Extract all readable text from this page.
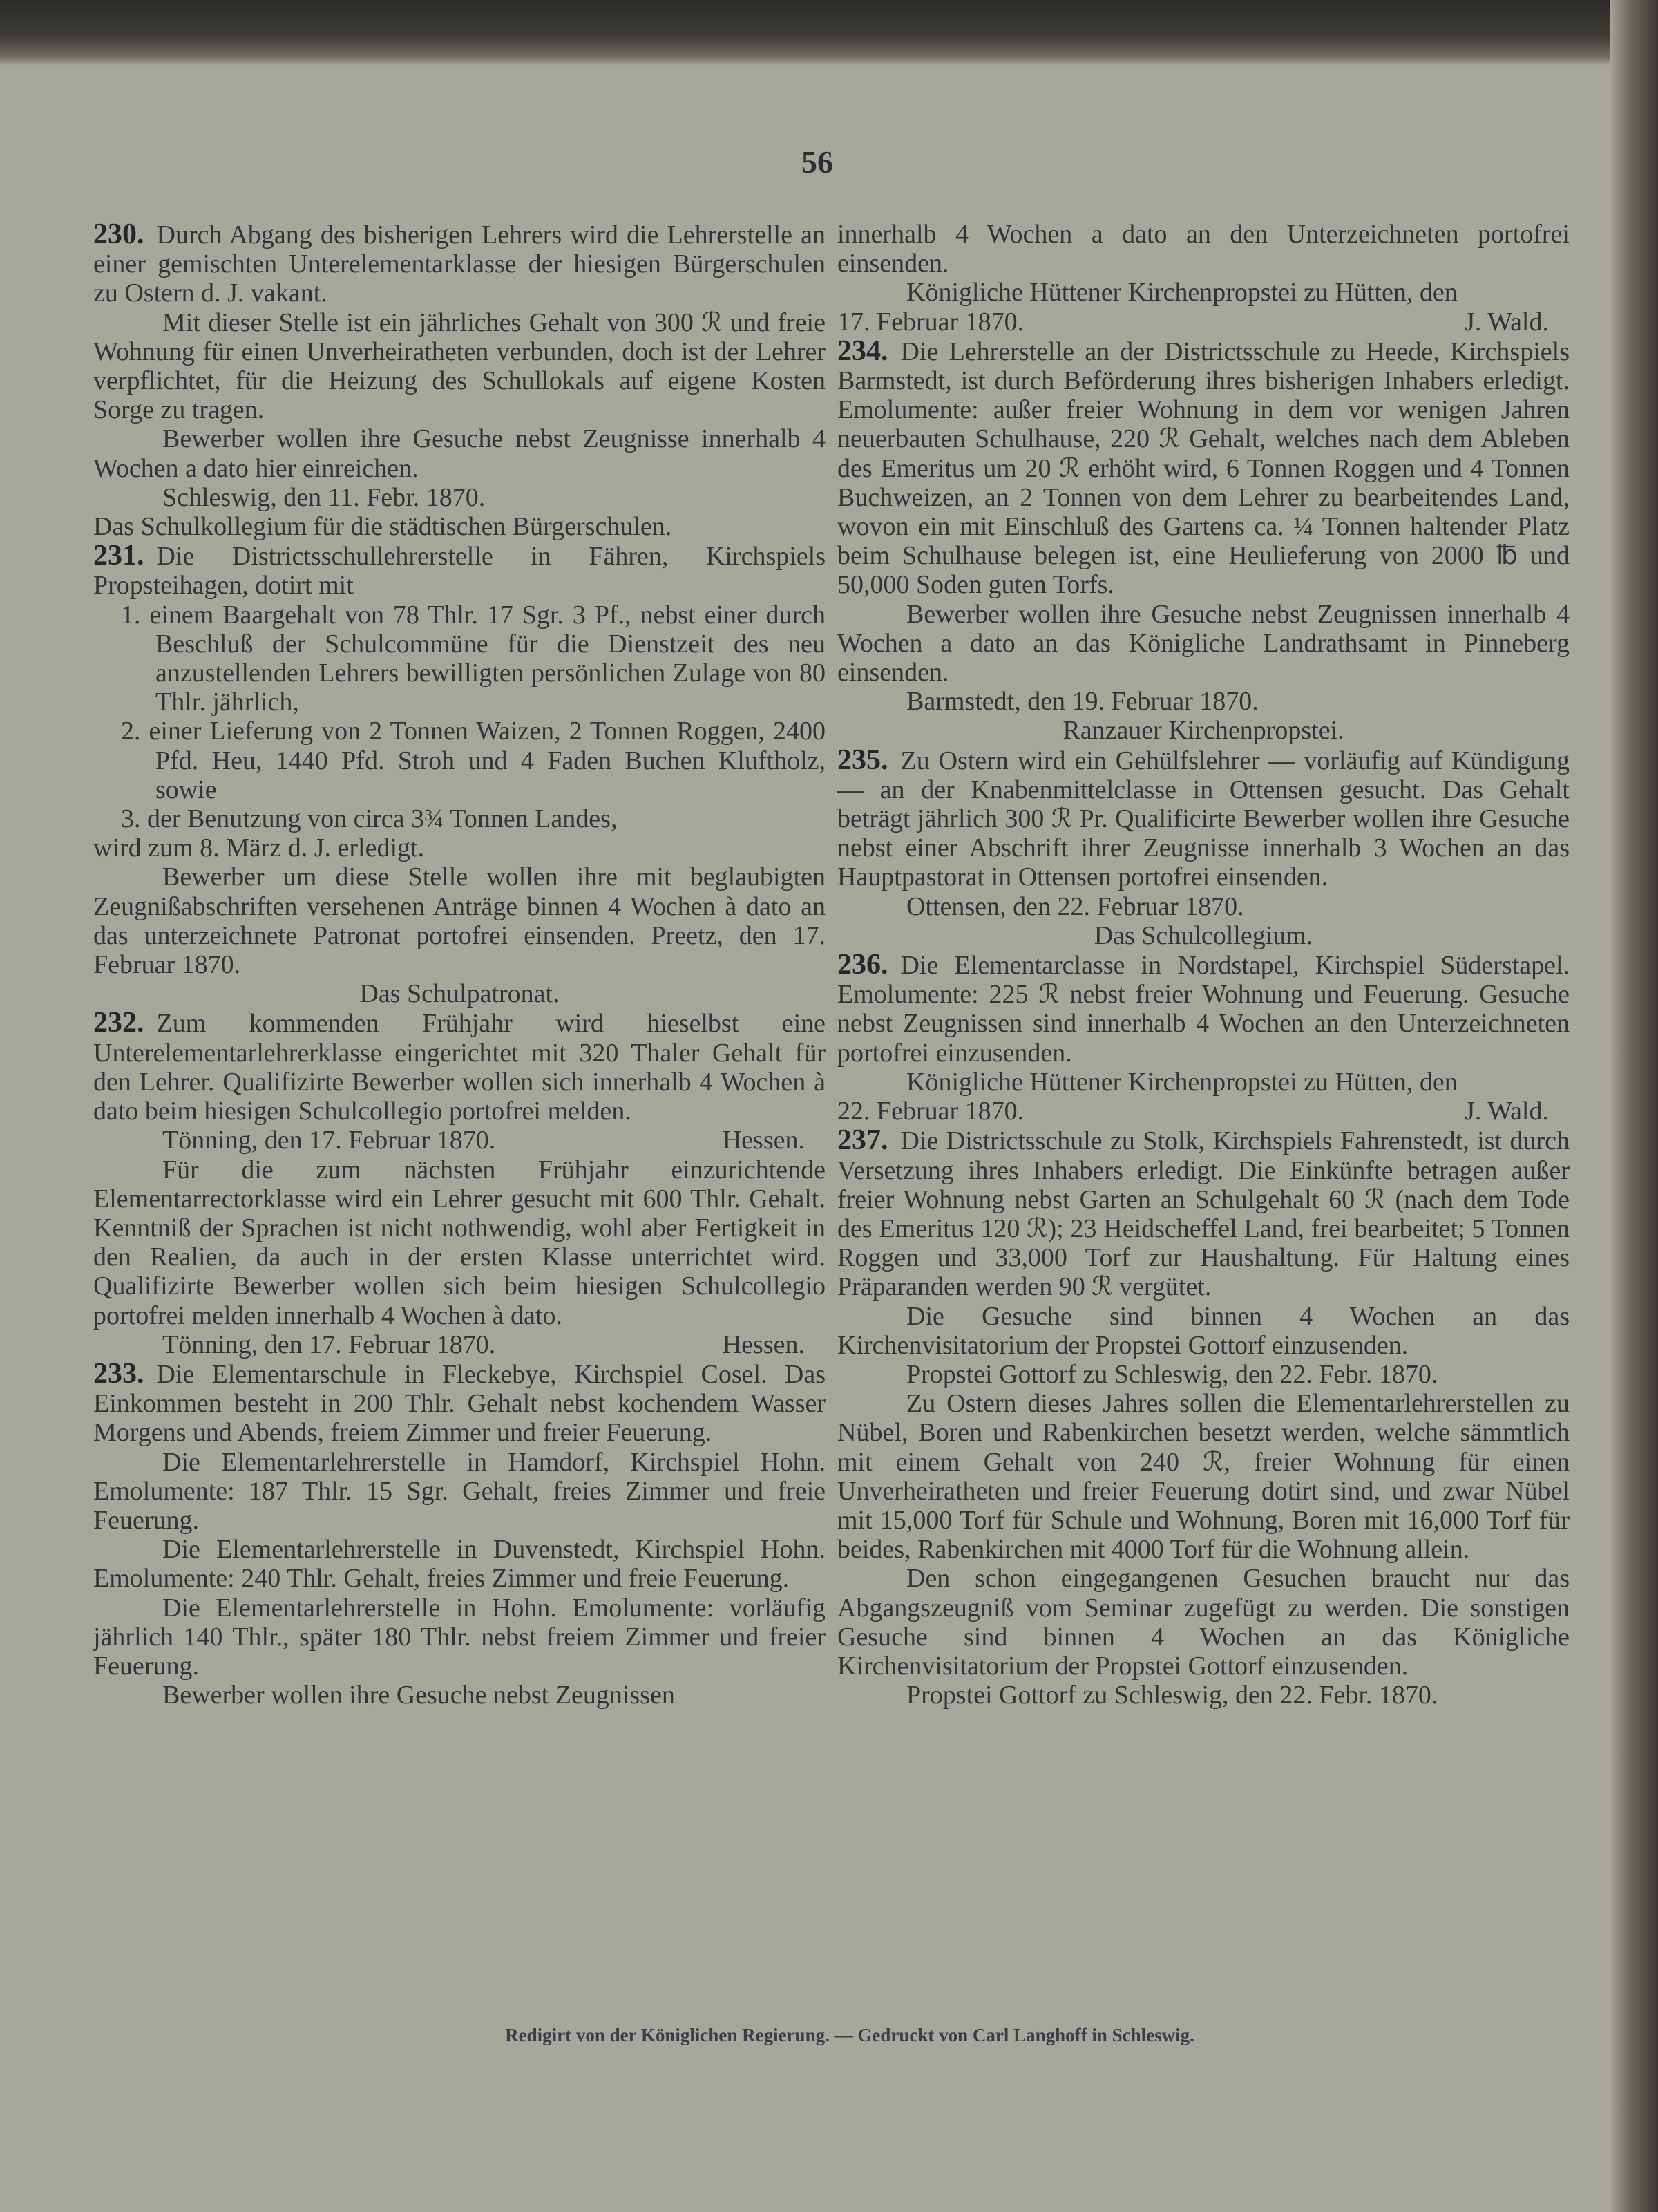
56
230. Durch Abgang des bisherigen Lehrers wird die Lehrerstelle an einer gemischten Unterelementarklasse der hiesigen Bürgerschulen zu Ostern d. J. vakant.
Mit dieser Stelle ist ein jährliches Gehalt von 300 ℛ und freie Wohnung für einen Unverheiratheten verbunden, doch ist der Lehrer verpflichtet, für die Heizung des Schullokals auf eigene Kosten Sorge zu tragen.
Bewerber wollen ihre Gesuche nebst Zeugnisse innerhalb 4 Wochen a dato hier einreichen.
Schleswig, den 11. Febr. 1870.
Das Schulkollegium für die städtischen Bürgerschulen.
231. Die Districtsschullehrerstelle in Fähren, Kirchspiels Propsteihagen, dotirt mit
1. einem Baargehalt von 78 Thlr. 17 Sgr. 3 Pf., nebst einer durch Beschluß der Schulcommüne für die Dienstzeit des neu anzustellenden Lehrers bewilligten persönlichen Zulage von 80 Thlr. jährlich,
2. einer Lieferung von 2 Tonnen Waizen, 2 Tonnen Roggen, 2400 Pfd. Heu, 1440 Pfd. Stroh und 4 Faden Buchen Kluftholz, sowie
3. der Benutzung von circa 3¾ Tonnen Landes,
wird zum 8. März d. J. erledigt.
Bewerber um diese Stelle wollen ihre mit beglaubigten Zeugnißabschriften versehenen Anträge binnen 4 Wochen à dato an das unterzeichnete Patronat portofrei einsenden. Preetz, den 17. Februar 1870.
Das Schulpatronat.
232. Zum kommenden Frühjahr wird hieselbst eine Unterelementarlehrerklasse eingerichtet mit 320 Thaler Gehalt für den Lehrer. Qualifizirte Bewerber wollen sich innerhalb 4 Wochen à dato beim hiesigen Schulcollegio portofrei melden.
Tönning, den 17. Februar 1870.	Hessen.
Für die zum nächsten Frühjahr einzurichtende Elementarrectorklasse wird ein Lehrer gesucht mit 600 Thlr. Gehalt. Kenntniß der Sprachen ist nicht nothwendig, wohl aber Fertigkeit in den Realien, da auch in der ersten Klasse unterrichtet wird. Qualifizirte Bewerber wollen sich beim hiesigen Schulcollegio portofrei melden innerhalb 4 Wochen à dato.
Tönning, den 17. Februar 1870.	Hessen.
233. Die Elementarschule in Fleckebye, Kirchspiel Cosel. Das Einkommen besteht in 200 Thlr. Gehalt nebst kochendem Wasser Morgens und Abends, freiem Zimmer und freier Feuerung.
Die Elementarlehrerstelle in Hamdorf, Kirchspiel Hohn. Emolumente: 187 Thlr. 15 Sgr. Gehalt, freies Zimmer und freie Feuerung.
Die Elementarlehrerstelle in Duvenstedt, Kirchspiel Hohn. Emolumente: 240 Thlr. Gehalt, freies Zimmer und freie Feuerung.
Die Elementarlehrerstelle in Hohn. Emolumente: vorläufig jährlich 140 Thlr., später 180 Thlr. nebst freiem Zimmer und freier Feuerung.
Bewerber wollen ihre Gesuche nebst Zeugnissen
innerhalb 4 Wochen a dato an den Unterzeichneten portofrei einsenden.
Königliche Hüttener Kirchenpropstei zu Hütten, den
17. Februar 1870.	J. Wald.
234. Die Lehrerstelle an der Districtsschule zu Heede, Kirchspiels Barmstedt, ist durch Beförderung ihres bisherigen Inhabers erledigt. Emolumente: außer freier Wohnung in dem vor wenigen Jahren neuerbauten Schulhause, 220 ℛ Gehalt, welches nach dem Ableben des Emeritus um 20 ℛ erhöht wird, 6 Tonnen Roggen und 4 Tonnen Buchweizen, an 2 Tonnen von dem Lehrer zu bearbeitendes Land, wovon ein mit Einschluß des Gartens ca. ¼ Tonnen haltender Platz beim Schulhause belegen ist, eine Heulieferung von 2000 ℔ und 50,000 Soden guten Torfs.
Bewerber wollen ihre Gesuche nebst Zeugnissen innerhalb 4 Wochen a dato an das Königliche Landrathsamt in Pinneberg einsenden.
Barmstedt, den 19. Februar 1870.
Ranzauer Kirchenpropstei.
235. Zu Ostern wird ein Gehülfslehrer — vorläufig auf Kündigung — an der Knabenmittelclasse in Ottensen gesucht. Das Gehalt beträgt jährlich 300 ℛ Pr. Qualificirte Bewerber wollen ihre Gesuche nebst einer Abschrift ihrer Zeugnisse innerhalb 3 Wochen an das Hauptpastorat in Ottensen portofrei einsenden.
Ottensen, den 22. Februar 1870.
Das Schulcollegium.
236. Die Elementarclasse in Nordstapel, Kirchspiel Süderstapel. Emolumente: 225 ℛ nebst freier Wohnung und Feuerung. Gesuche nebst Zeugnissen sind innerhalb 4 Wochen an den Unterzeichneten portofrei einzusenden.
Königliche Hüttener Kirchenpropstei zu Hütten, den
22. Februar 1870.	J. Wald.
237. Die Districtsschule zu Stolk, Kirchspiels Fahrenstedt, ist durch Versetzung ihres Inhabers erledigt. Die Einkünfte betragen außer freier Wohnung nebst Garten an Schulgehalt 60 ℛ (nach dem Tode des Emeritus 120 ℛ); 23 Heidscheffel Land, frei bearbeitet; 5 Tonnen Roggen und 33,000 Torf zur Haushaltung. Für Haltung eines Präparanden werden 90 ℛ vergütet.
Die Gesuche sind binnen 4 Wochen an das Kirchenvisitatorium der Propstei Gottorf einzusenden.
Propstei Gottorf zu Schleswig, den 22. Febr. 1870.
Zu Ostern dieses Jahres sollen die Elementarlehrerstellen zu Nübel, Boren und Rabenkirchen besetzt werden, welche sämmtlich mit einem Gehalt von 240 ℛ, freier Wohnung für einen Unverheiratheten und freier Feuerung dotirt sind, und zwar Nübel mit 15,000 Torf für Schule und Wohnung, Boren mit 16,000 Torf für beides, Rabenkirchen mit 4000 Torf für die Wohnung allein.
Den schon eingegangenen Gesuchen braucht nur das Abgangszeugniß vom Seminar zugefügt zu werden. Die sonstigen Gesuche sind binnen 4 Wochen an das Königliche Kirchenvisitatorium der Propstei Gottorf einzusenden.
Propstei Gottorf zu Schleswig, den 22. Febr. 1870.
Redigirt von der Königlichen Regierung. — Gedruckt von Carl Langhoff in Schleswig.
